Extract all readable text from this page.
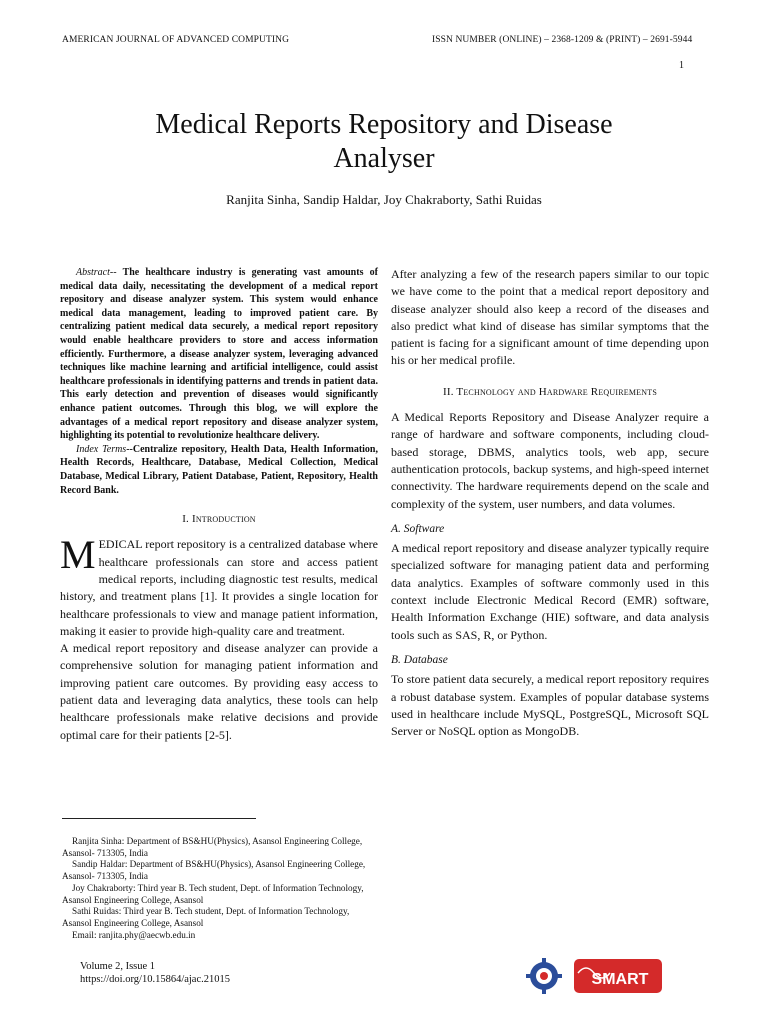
AMERICAN JOURNAL OF ADVANCED COMPUTING	ISSN NUMBER (ONLINE) – 2368-1209 & (PRINT) – 2691-5944
1
Medical Reports Repository and Disease
Analyser
Ranjita Sinha, Sandip Haldar, Joy Chakraborty, Sathi Ruidas

Abstract-- The healthcare industry is generating vast amounts of medical data daily, necessitating the development of a medical report repository and disease analyzer system. This system would enhance medical data management, leading to improved patient care. By centralizing patient medical data securely, a medical report repository would enable healthcare providers to store and access information efficiently. Furthermore, a disease analyzer system, leveraging advanced techniques like machine learning and artificial intelligence, could assist healthcare professionals in identifying patterns and trends in patient data. This early detection and prevention of diseases would significantly enhance patient outcomes. Through this blog, we will explore the advantages of a medical report repository and disease analyzer system, highlighting its potential to revolutionize healthcare delivery.

Index Terms--Centralize repository, Health Data, Health Information, Health Records, Healthcare, Database, Medical Collection, Medical Database, Medical Library, Patient Database, Patient, Repository, Health Record Bank.

I. Introduction

MEDICAL report repository is a centralized database where healthcare professionals can store and access patient medical reports, including diagnostic test results, medical history, and treatment plans [1]. It provides a single location for healthcare professionals to view and manage patient information, making it easier to provide high-quality care and treatment.

A medical report repository and disease analyzer can provide a comprehensive solution for managing patient information and improving patient care outcomes. By providing easy access to patient data and leveraging data analytics, these tools can help healthcare professionals make relative decisions and provide optimal care for their patients [2-5].

After analyzing a few of the research papers similar to our topic we have come to the point that a medical report depository and disease analyzer should also keep a record of the diseases and also predict what kind of disease has similar symptoms that the patient is facing for a significant amount of time depending upon his or her medical profile.

II. Technology and Hardware Requirements

A Medical Reports Repository and Disease Analyzer require a range of hardware and software components, including cloud-based storage, DBMS, analytics tools, web app, secure authentication protocols, backup systems, and high-speed internet connectivity. The hardware requirements depend on the scale and complexity of the system, user numbers, and data volumes.

A. Software

A medical report repository and disease analyzer typically require specialized software for managing patient data and performing data analytics. Examples of software commonly used in this context include Electronic Medical Record (EMR) software, Health Information Exchange (HIE) software, and data analysis tools such as SAS, R, or Python.

B. Database

To store patient data securely, a medical report repository requires a robust database system. Examples of popular database systems used in healthcare include MySQL, PostgreSQL, Microsoft SQL Server or NoSQL option as MongoDB.

Ranjita Sinha: Department of BS&HU(Physics), Asansol Engineering College, Asansol- 713305, India
Sandip Haldar: Department of BS&HU(Physics), Asansol Engineering College, Asansol- 713305, India
Joy Chakraborty: Third year B. Tech student, Dept. of Information Technology, Asansol Engineering College, Asansol
Sathi Ruidas: Third year B. Tech student, Dept. of Information Technology, Asansol Engineering College, Asansol
Email: ranjita.phy@aecwb.edu.in
Volume 2, Issue 1
https://doi.org/10.15864/ajac.21015	SMART
